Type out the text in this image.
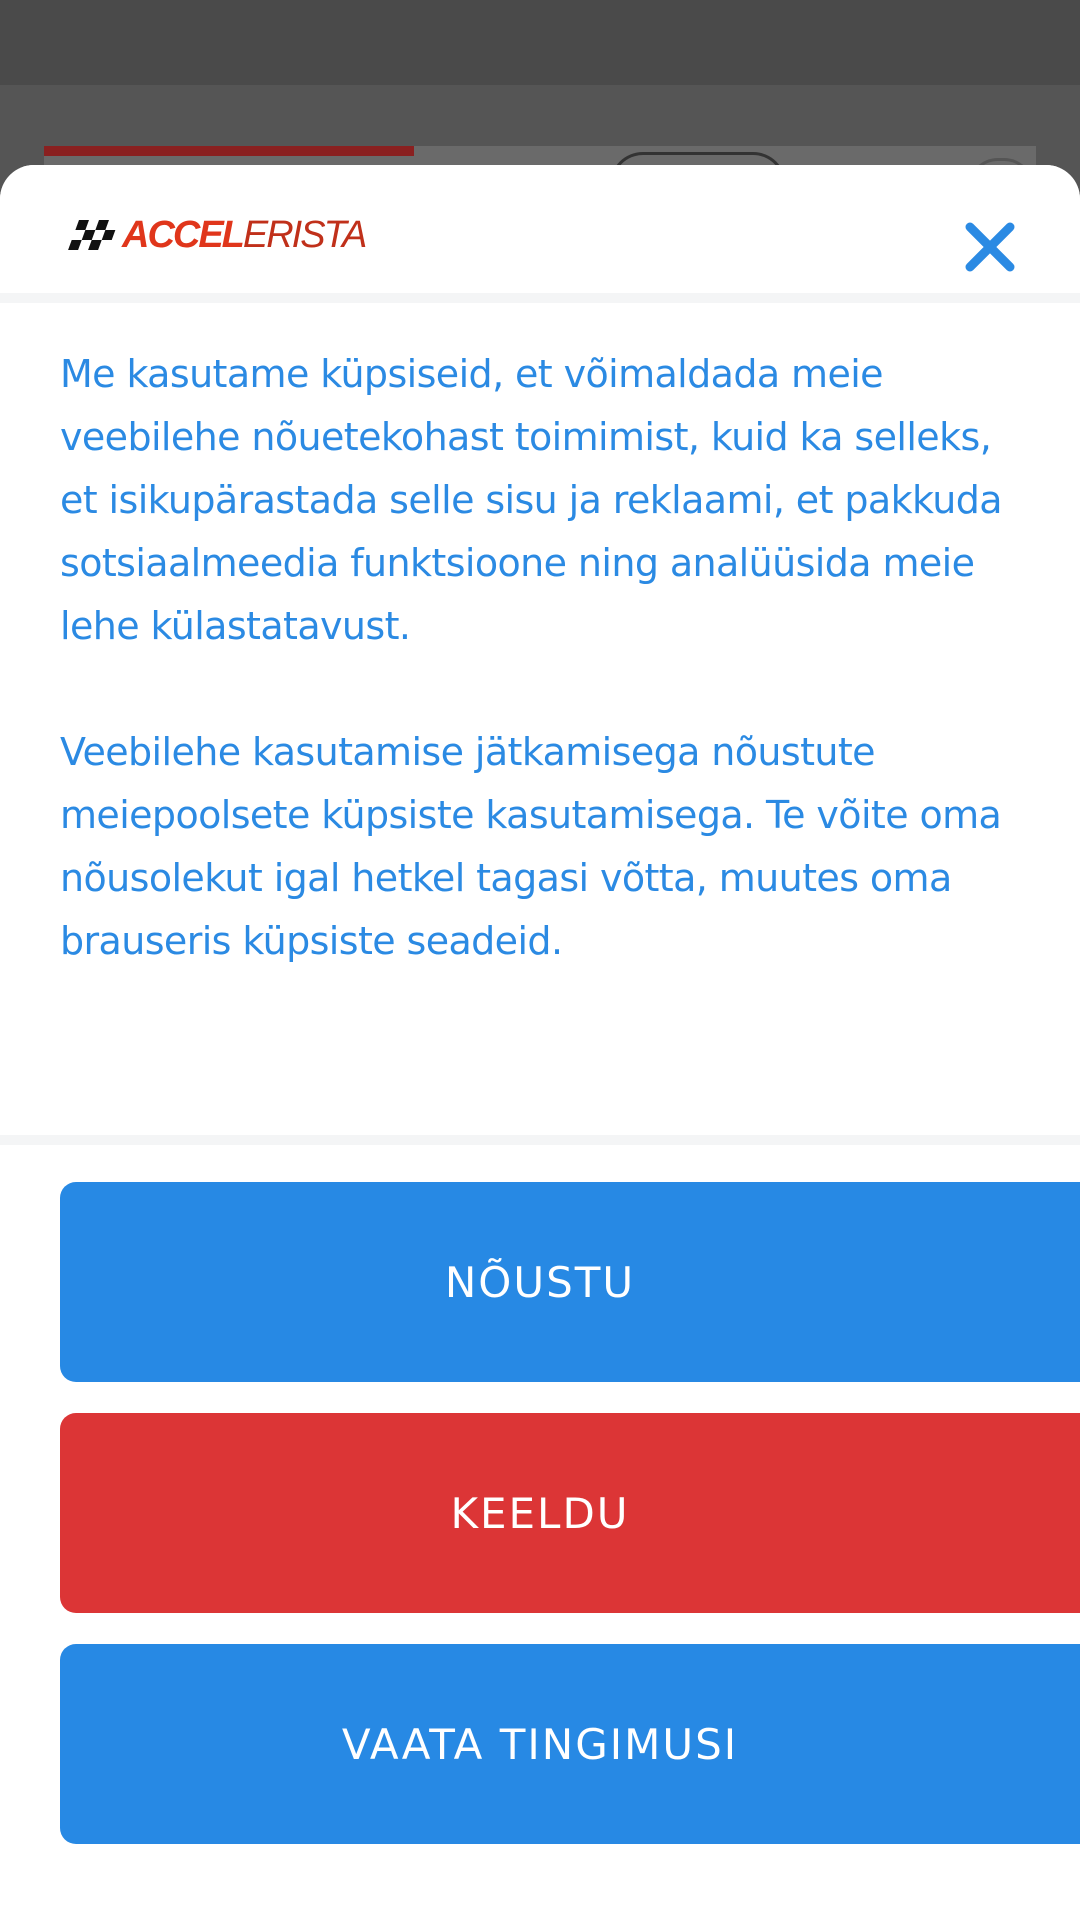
ACCELERISTA

Me kasutame küpsiseid, et võimaldada meie veebilehe nõuetekohast toimimist, kuid ka selleks, et isikupärastada selle sisu ja reklaami, et pakkuda sotsiaalmeedia funktsioone ning analüüsida meie lehe külastatavust.

Veebilehe kasutamise jätkamisega nõustute meiepoolsete küpsiste kasutamisega. Te võite oma nõusolekut igal hetkel tagasi võtta, muutes oma brauseris küpsiste seadeid.

NÕUSTU
KEELDU
VAATA TINGIMUSI
